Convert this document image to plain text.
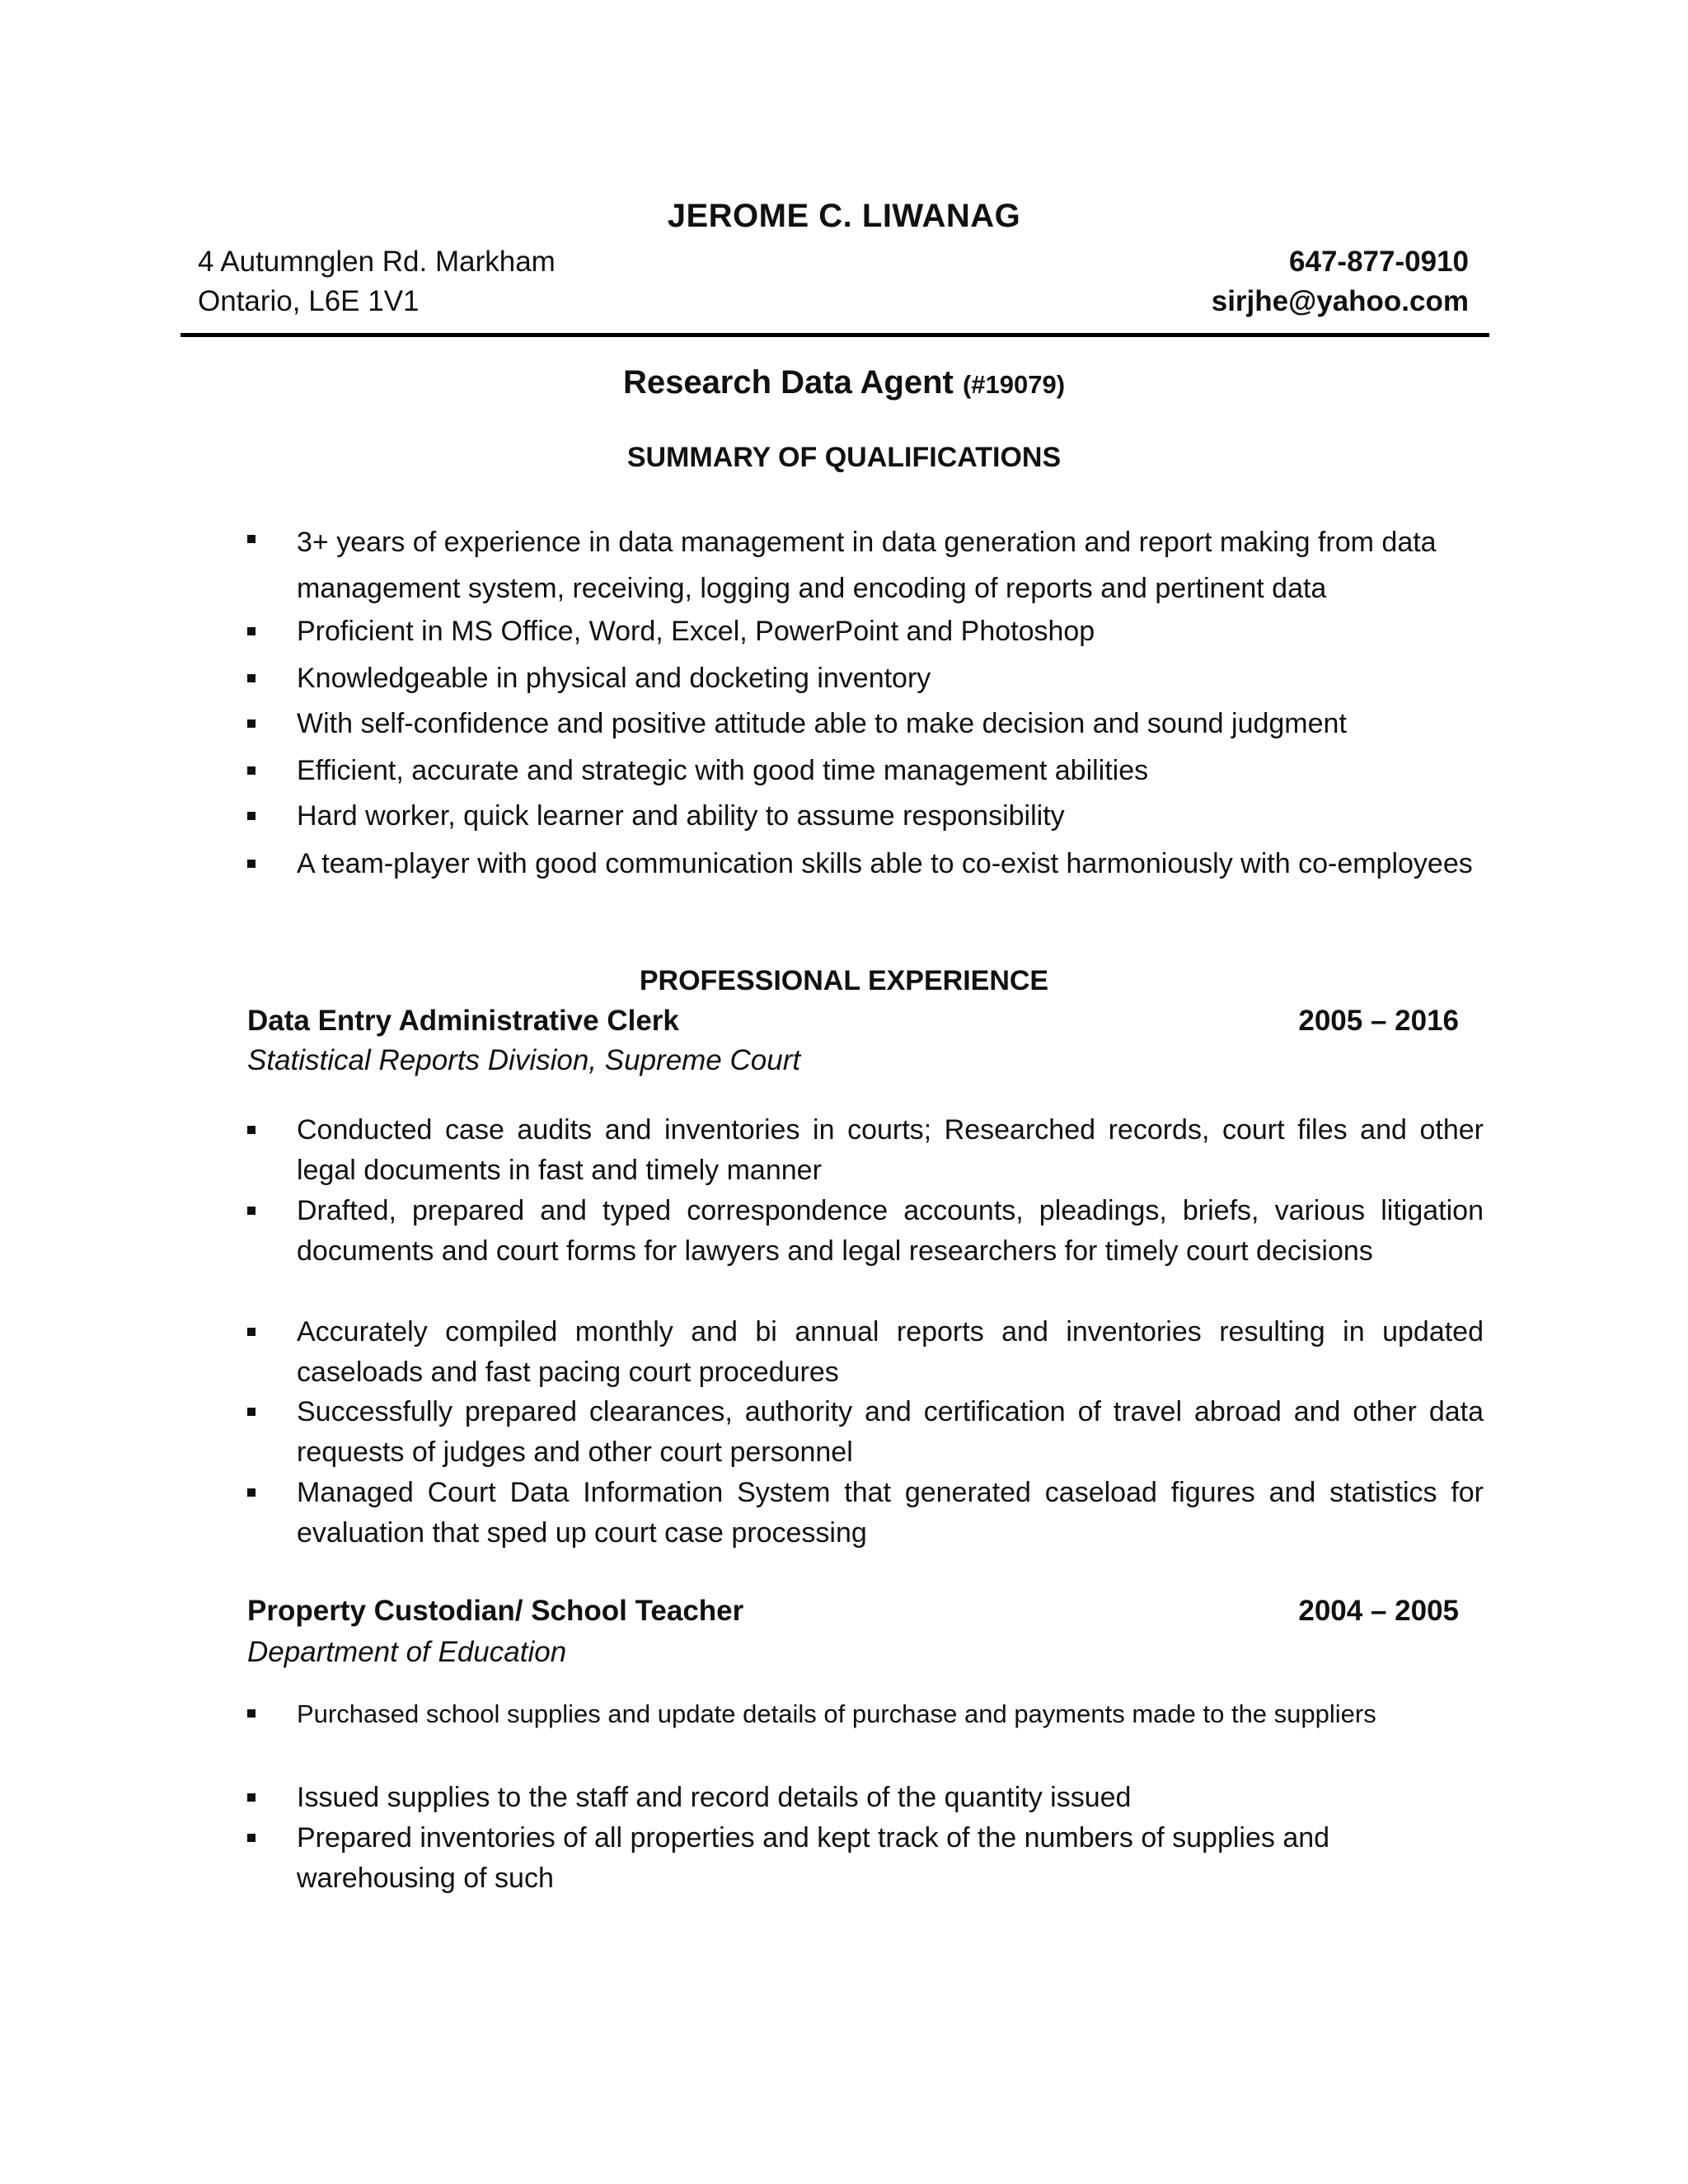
JEROME C. LIWANAG
4 Autumnglen Rd. Markham	647-877-0910
Ontario, L6E 1V1	sirjhe@yahoo.com
Research Data Agent (#19079)
SUMMARY OF QUALIFICATIONS
3+ years of experience in data management in data generation and report making from data management system, receiving, logging and encoding of reports and pertinent data
Proficient in MS Office, Word, Excel, PowerPoint and Photoshop
Knowledgeable in physical and docketing inventory
With self-confidence and positive attitude able to make decision and sound judgment
Efficient, accurate and strategic with good time management abilities
Hard worker, quick learner and ability to assume responsibility
A team-player with good communication skills able to co-exist harmoniously with co-employees
PROFESSIONAL EXPERIENCE
Data Entry Administrative Clerk	2005 – 2016
Statistical Reports Division, Supreme Court
Conducted case audits and inventories in courts; Researched records, court files and other legal documents in fast and timely manner
Drafted, prepared and typed correspondence accounts, pleadings, briefs, various litigation documents and court forms for lawyers and legal researchers for timely court decisions
Accurately compiled monthly and bi annual reports and inventories resulting in updated caseloads and fast pacing court procedures
Successfully prepared clearances, authority and certification of travel abroad and other data requests of judges and other court personnel
Managed Court Data Information System that generated caseload figures and statistics for evaluation that sped up court case processing
Property Custodian/ School Teacher	2004 – 2005
Department of Education
Purchased school supplies and update details of purchase and payments made to the suppliers
Issued supplies to the staff and record details of the quantity issued
Prepared inventories of all properties and kept track of the numbers of supplies and warehousing of such
